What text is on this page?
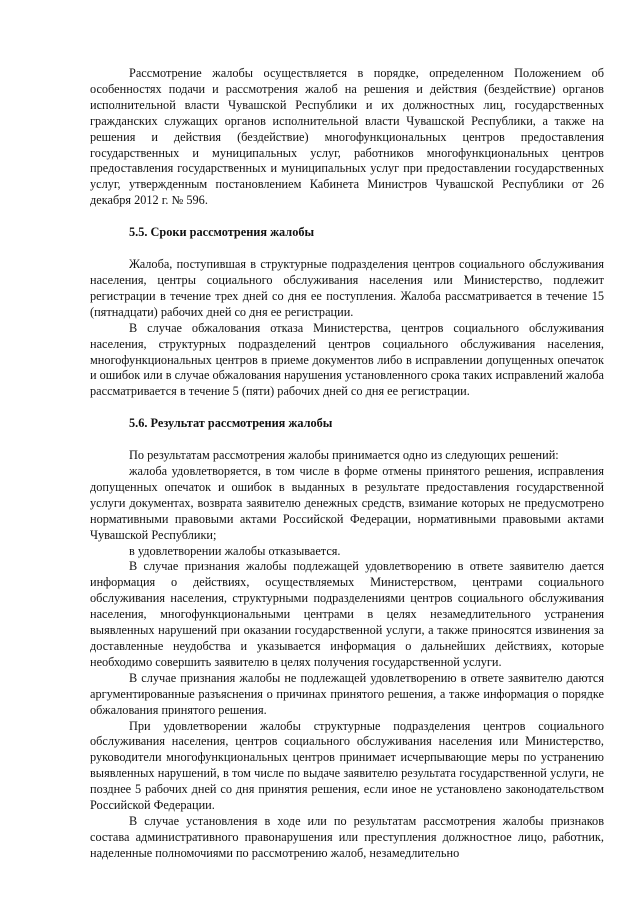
Рассмотрение жалобы осуществляется в порядке, определенном Положением об особенностях подачи и рассмотрения жалоб на решения и действия (бездействие) органов исполнительной власти Чувашской Республики и их должностных лиц, государственных гражданских служащих органов исполнительной власти Чувашской Республики, а также на решения и действия (бездействие) многофункциональных центров предоставления государственных и муниципальных услуг, работников многофункциональных центров предоставления государственных и муниципальных услуг при предоставлении государственных услуг, утвержденным постановлением Кабинета Министров Чувашской Республики от 26 декабря 2012 г. № 596.

5.5. Сроки рассмотрения жалобы

Жалоба, поступившая в структурные подразделения центров социального обслуживания населения, центры социального обслуживания населения или Министерство, подлежит регистрации в течение трех дней со дня ее поступления. Жалоба рассматривается в течение 15 (пятнадцати) рабочих дней со дня ее регистрации.

В случае обжалования отказа Министерства, центров социального обслуживания населения, структурных подразделений центров социального обслуживания населения, многофункциональных центров в приеме документов либо в исправлении допущенных опечаток и ошибок или в случае обжалования нарушения установленного срока таких исправлений жалоба рассматривается в течение 5 (пяти) рабочих дней со дня ее регистрации.

5.6. Результат рассмотрения жалобы

По результатам рассмотрения жалобы принимается одно из следующих решений:

жалоба удовлетворяется, в том числе в форме отмены принятого решения, исправления допущенных опечаток и ошибок в выданных в результате предоставления государственной услуги документах, возврата заявителю денежных средств, взимание которых не предусмотрено нормативными правовыми актами Российской Федерации, нормативными правовыми актами Чувашской Республики;

в удовлетворении жалобы отказывается.

В случае признания жалобы подлежащей удовлетворению в ответе заявителю дается информация о действиях, осуществляемых Министерством, центрами социального обслуживания населения, структурными подразделениями центров социального обслуживания населения, многофункциональными центрами в целях незамедлительного устранения выявленных нарушений при оказании государственной услуги, а также приносятся извинения за доставленные неудобства и указывается информация о дальнейших действиях, которые необходимо совершить заявителю в целях получения государственной услуги.

В случае признания жалобы не подлежащей удовлетворению в ответе заявителю даются аргументированные разъяснения о причинах принятого решения, а также информация о порядке обжалования принятого решения.

При удовлетворении жалобы структурные подразделения центров социального обслуживания населения, центров социального обслуживания населения или Министерство, руководители многофункциональных центров принимает исчерпывающие меры по устранению выявленных нарушений, в том числе по выдаче заявителю результата государственной услуги, не позднее 5 рабочих дней со дня принятия решения, если иное не установлено законодательством Российской Федерации.

В случае установления в ходе или по результатам рассмотрения жалобы признаков состава административного правонарушения или преступления должностное лицо, работник, наделенные полномочиями по рассмотрению жалоб, незамедлительно
